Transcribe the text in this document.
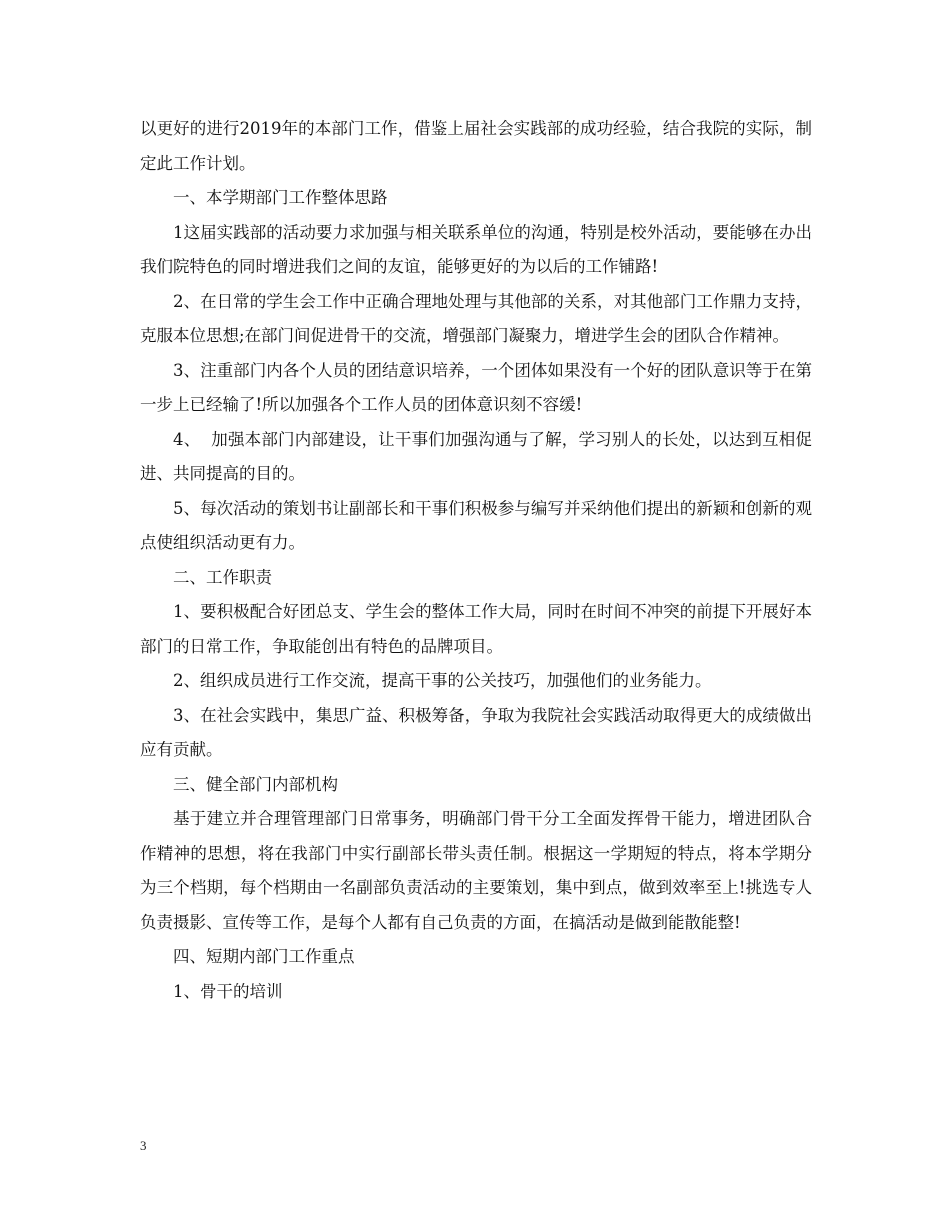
以更好的进行2019年的本部门工作，借鉴上届社会实践部的成功经验，结合我院的实际，制定此工作计划。

一、本学期部门工作整体思路

1这届实践部的活动要力求加强与相关联系单位的沟通，特别是校外活动，要能够在办出我们院特色的同时增进我们之间的友谊，能够更好的为以后的工作铺路!

2、在日常的学生会工作中正确合理地处理与其他部的关系，对其他部门工作鼎力支持，克服本位思想;在部门间促进骨干的交流，增强部门凝聚力，增进学生会的团队合作精神。

3、注重部门内各个人员的团结意识培养，一个团体如果没有一个好的团队意识等于在第一步上已经输了!所以加强各个工作人员的团体意识刻不容缓!

4、  加强本部门内部建设，让干事们加强沟通与了解，学习别人的长处，以达到互相促进、共同提高的目的。

5、每次活动的策划书让副部长和干事们积极参与编写并采纳他们提出的新颖和创新的观点使组织活动更有力。

二、工作职责

1、要积极配合好团总支、学生会的整体工作大局，同时在时间不冲突的前提下开展好本部门的日常工作，争取能创出有特色的品牌项目。

2、组织成员进行工作交流，提高干事的公关技巧，加强他们的业务能力。

3、在社会实践中，集思广益、积极筹备，争取为我院社会实践活动取得更大的成绩做出应有贡献。

三、健全部门内部机构

基于建立并合理管理部门日常事务，明确部门骨干分工全面发挥骨干能力，增进团队合作精神的思想，将在我部门中实行副部长带头责任制。根据这一学期短的特点，将本学期分为三个档期，每个档期由一名副部负责活动的主要策划，集中到点，做到效率至上!挑选专人负责摄影、宣传等工作，是每个人都有自己负责的方面，在搞活动是做到能散能整!

四、短期内部门工作重点

1、骨干的培训

3
